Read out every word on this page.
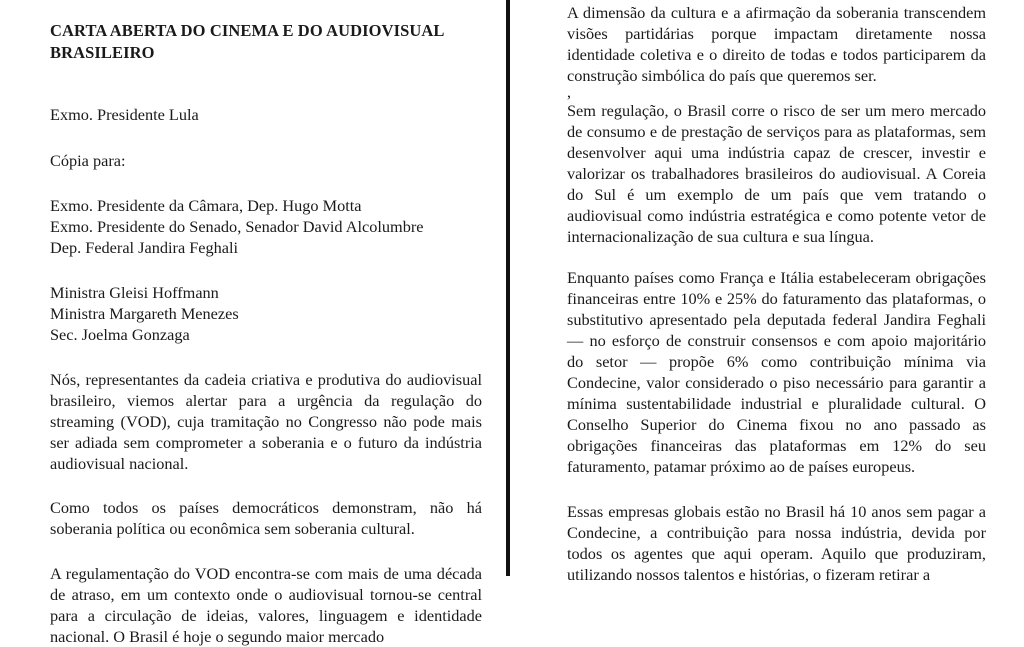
CARTA ABERTA DO CINEMA E DO AUDIOVISUAL BRASILEIRO

Exmo. Presidente Lula

Cópia para:

Exmo. Presidente da Câmara, Dep. Hugo Motta

Exmo. Presidente do Senado, Senador David Alcolumbre

Dep. Federal Jandira Feghali

Ministra Gleisi Hoffmann

Ministra Margareth Menezes

Sec. Joelma Gonzaga

Nós, representantes da cadeia criativa e produtiva do audiovisual brasileiro, viemos alertar para a urgência da regulação do streaming (VOD), cuja tramitação no Congresso não pode mais ser adiada sem comprometer a soberania e o futuro da indústria audiovisual nacional.

Como todos os países democráticos demonstram, não há soberania política ou econômica sem soberania cultural.

A regulamentação do VOD encontra-se com mais de uma década de atraso, em um contexto onde o audiovisual tornou-se central para a circulação de ideias, valores, linguagem e identidade nacional. O Brasil é hoje o segundo maior mercado

A dimensão da cultura e a afirmação da soberania transcendem visões partidárias porque impactam diretamente nossa identidade coletiva e o direito de todas e todos participarem da construção simbólica do país que queremos ser.

,

Sem regulação, o Brasil corre o risco de ser um mero mercado de consumo e de prestação de serviços para as plataformas, sem desenvolver aqui uma indústria capaz de crescer, investir e valorizar os trabalhadores brasileiros do audiovisual. A Coreia do Sul é um exemplo de um país que vem tratando o audiovisual como indústria estratégica e como potente vetor de internacionalização de sua cultura e sua língua.

Enquanto países como França e Itália estabeleceram obrigações financeiras entre 10% e 25% do faturamento das plataformas, o substitutivo apresentado pela deputada federal Jandira Feghali — no esforço de construir consensos e com apoio majoritário do setor — propõe 6% como contribuição mínima via Condecine, valor considerado o piso necessário para garantir a mínima sustentabilidade industrial e pluralidade cultural. O Conselho Superior do Cinema fixou no ano passado as obrigações financeiras das plataformas em 12% do seu faturamento, patamar próximo ao de países europeus.

Essas empresas globais estão no Brasil há 10 anos sem pagar a Condecine, a contribuição para nossa indústria, devida por todos os agentes que aqui operam. Aquilo que produziram, utilizando nossos talentos e histórias, o fizeram retirar a
